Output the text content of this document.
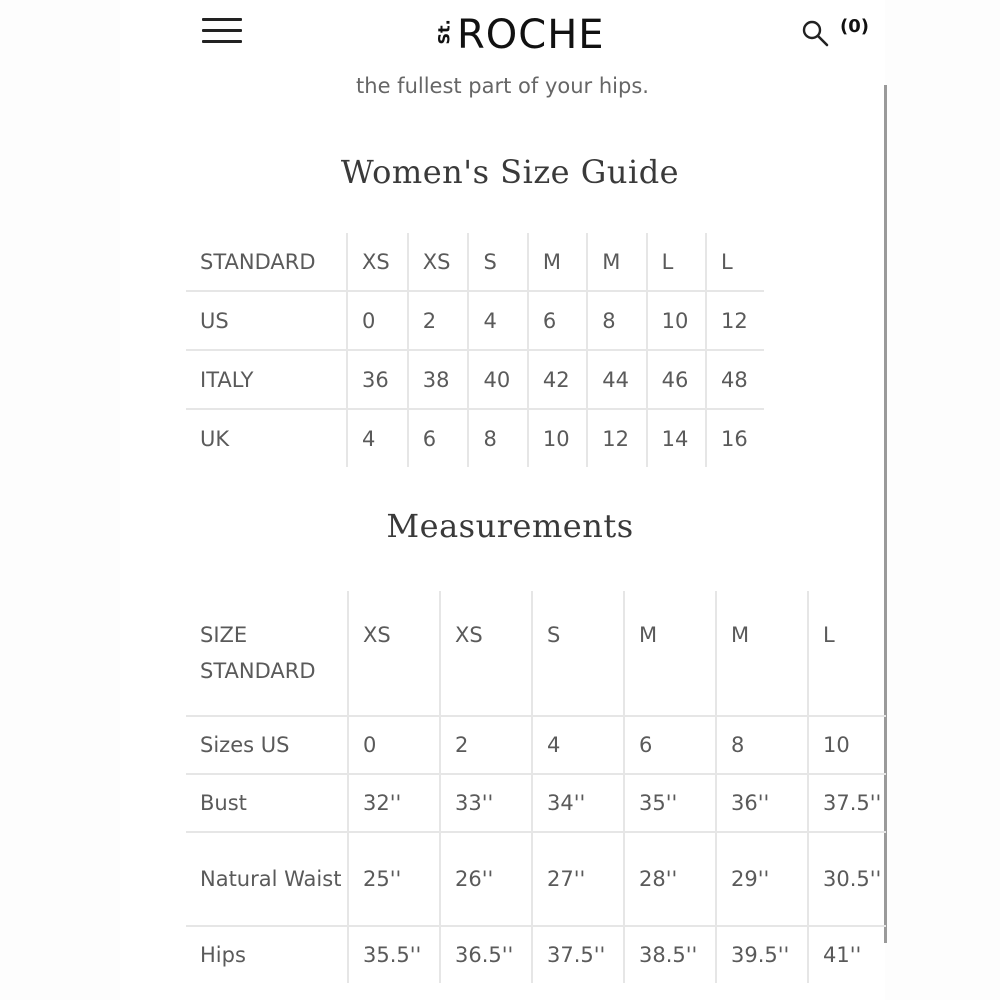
St. ROCHE	(0)
the fullest part of your hips.
Women's Size Guide
STANDARD	XS	XS	S	M	M	L	L
US	0	2	4	6	8	10	12
ITALY	36	38	40	42	44	46	48
UK	4	6	8	10	12	14	16
Measurements
SIZE STANDARD	XS	XS	S	M	M	L
Sizes US	0	2	4	6	8	10
Bust	32''	33''	34''	35''	36''	37.5''
Natural Waist	25''	26''	27''	28''	29''	30.5''
Hips	35.5''	36.5''	37.5''	38.5''	39.5''	41''
